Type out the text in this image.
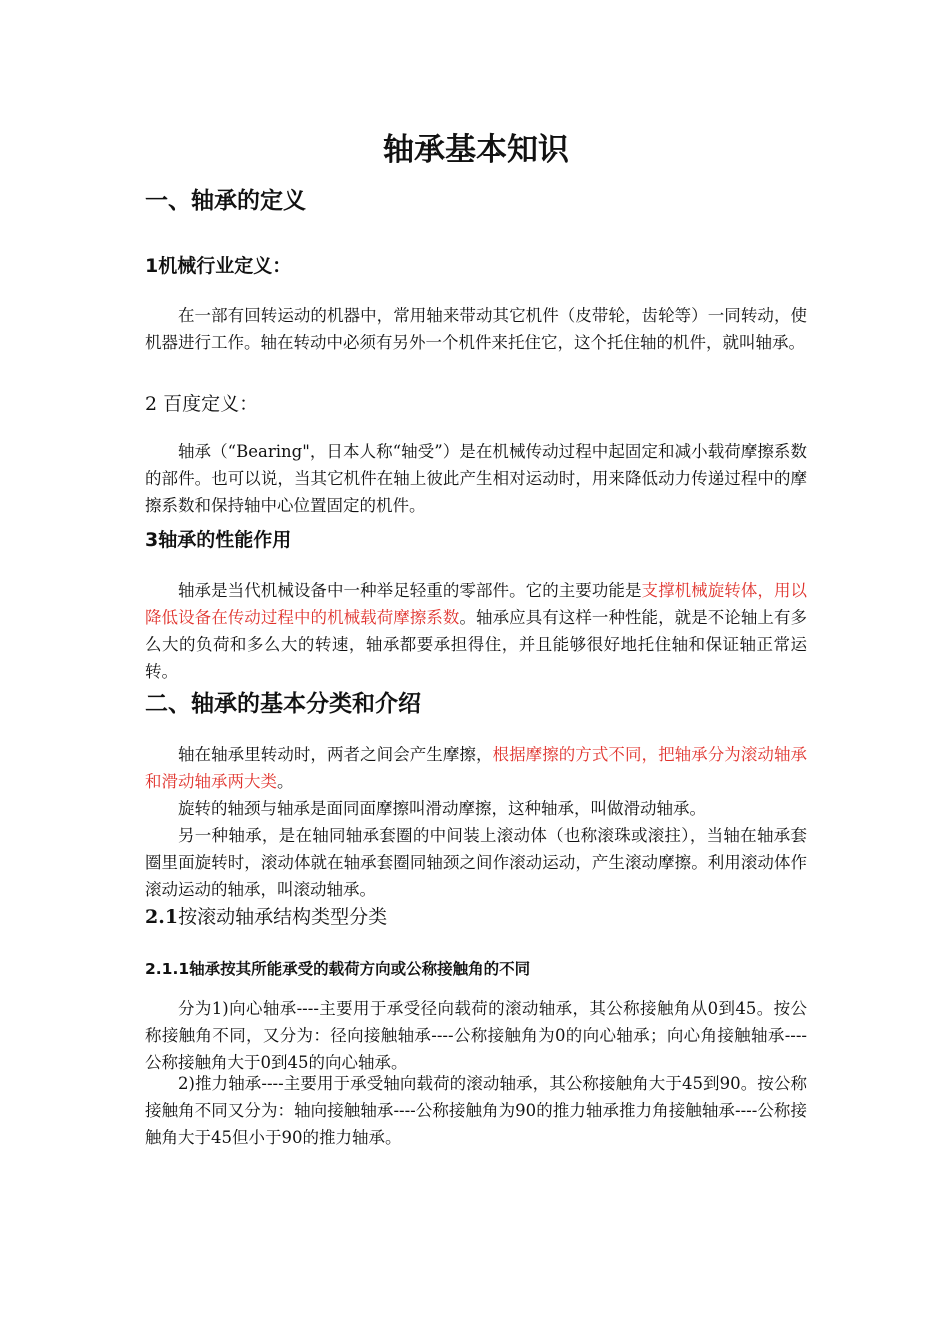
轴承基本知识
一、轴承的定义
1机械行业定义：
在一部有回转运动的机器中，常用轴来带动其它机件（皮带轮，齿轮等）一同转动，使机器进行工作。轴在转动中必须有另外一个机件来托住它，这个托住轴的机件，就叫轴承。
2 百度定义：
轴承（“Bearing"，日本人称“轴受”）是在机械传动过程中起固定和减小载荷摩擦系数的部件。也可以说，当其它机件在轴上彼此产生相对运动时，用来降低动力传递过程中的摩擦系数和保持轴中心位置固定的机件。
3轴承的性能作用
轴承是当代机械设备中一种举足轻重的零部件。它的主要功能是支撑机械旋转体，用以降低设备在传动过程中的机械载荷摩擦系数。轴承应具有这样一种性能，就是不论轴上有多么大的负荷和多么大的转速，轴承都要承担得住，并且能够很好地托住轴和保证轴正常运转。
二、轴承的基本分类和介绍
轴在轴承里转动时，两者之间会产生摩擦，根据摩擦的方式不同，把轴承分为滚动轴承和滑动轴承两大类。
旋转的轴颈与轴承是面同面摩擦叫滑动摩擦，这种轴承，叫做滑动轴承。
另一种轴承，是在轴同轴承套圈的中间装上滚动体（也称滚珠或滚拄），当轴在轴承套圈里面旋转时，滚动体就在轴承套圈同轴颈之间作滚动运动，产生滚动摩擦。利用滚动体作滚动运动的轴承，叫滚动轴承。
2.1按滚动轴承结构类型分类
2.1.1轴承按其所能承受的载荷方向或公称接触角的不同
分为1)向心轴承----主要用于承受径向载荷的滚动轴承，其公称接触角从0到45。按公称接触角不同，又分为：径向接触轴承----公称接触角为0的向心轴承；向心角接触轴承----公称接触角大于0到45的向心轴承。
2)推力轴承----主要用于承受轴向载荷的滚动轴承，其公称接触角大于45到90。按公称接触角不同又分为：轴向接触轴承----公称接触角为90的推力轴承推力角接触轴承----公称接触角大于45但小于90的推力轴承。
